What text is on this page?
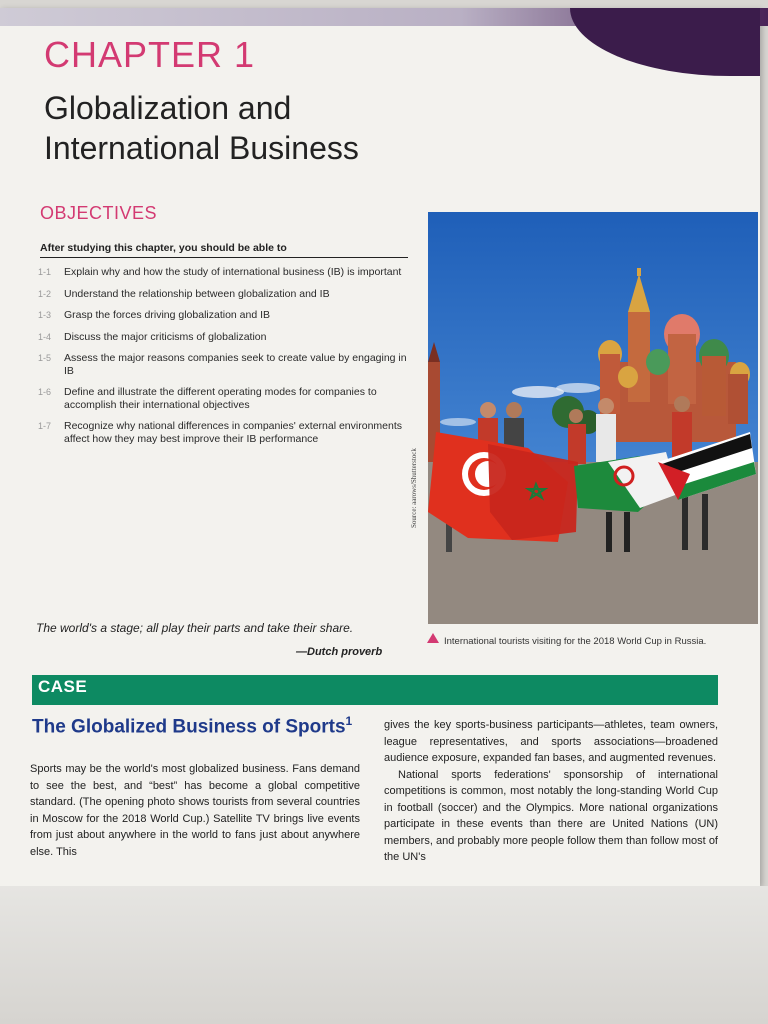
CHAPTER 1
Globalization and
International Business
OBJECTIVES
After studying this chapter, you should be able to
1-1	Explain why and how the study of international business (IB) is important
1-2	Understand the relationship between globalization and IB
1-3	Grasp the forces driving globalization and IB
1-4	Discuss the major criticisms of globalization
1-5	Assess the major reasons companies seek to create value by engaging in IB
1-6	Define and illustrate the different operating modes for companies to accomplish their international objectives
1-7	Recognize why national differences in companies' external environments affect how they may best improve their IB performance
Source: aarows/Shutterstock
The world's a stage; all play their parts and take their share.
—Dutch proverb
International tourists visiting for the 2018 World Cup in Russia.
CASE
The Globalized Business of Sports$^1$

Sports may be the world's most globalized business. Fans demand to see the best, and “best” has become a global competitive standard. (The opening photo shows tourists from several countries in Moscow for the 2018 World Cup.) Satellite TV brings live events from just about anywhere in the world to fans just about anywhere else. This

gives the key sports-business participants—athletes, team owners, league representatives, and sports associations—broadened audience exposure, expanded fan bases, and augmented revenues.

National sports federations' sponsorship of international competitions is common, most notably the long-standing World Cup in football (soccer) and the Olympics. More national organizations participate in these events than there are United Nations (UN) members, and probably more people follow them than follow most of the UN's
